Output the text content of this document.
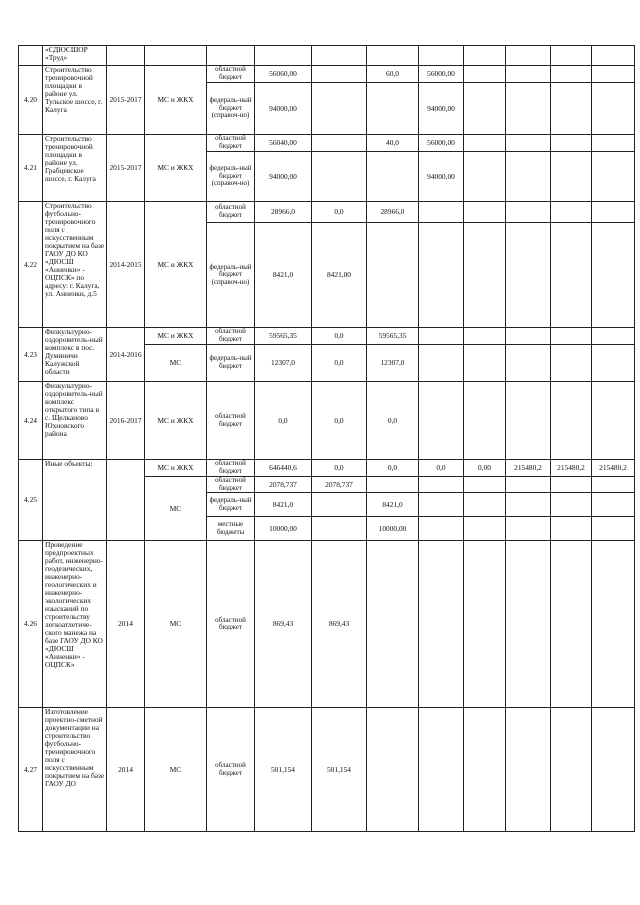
	«СДЮСШОР «Труд»											
4.20	Строительство тренировочной площадки в районе ул. Тульское шоссе, г. Калуга	2015-2017	МС и ЖКХ	областной бюджет	56060,00		60,0	56000,00				
				федераль-ный бюджет (справоч-но)	94000,00			94000,00				
4.21	Строительство тренировочной площадки в районе ул. Грабцевское шоссе, г. Калуга	2015-2017	МС и ЖКХ	областной бюджет	56040,00		40,0	56000,00				
				федераль-ный бюджет (справоч-но)	94000,00			94000,00				
4.22	Строительство футбольно-тренировочного поля с искусственным покрытием на базе ГАОУ ДО КО «ДЮСШ «Анненки» - ОЦПСК» по адресу: г. Калуга, ул. Анненки, д.5	2014-2015	МС и ЖКХ	областной бюджет	28966,0	0,0	28966,0					
				федераль-ный бюджет (справоч-но)	8421,0	8421,00						
4.23	Физкультурно-оздоровитель-ный комплекс в пос. Думиничи Калужской области	2014-2016	МС и ЖКХ	областной бюджет	59565,35	0,0	59565,35					
			МС	федераль-ный бюджет	12307,0	0,0	12307,0					
4.24	Физкультурно-оздоровитель-ный комплекс открытого типа в с. Щелканово Юхновского района	2016-2017	МС и ЖКХ	областной бюджет	0,0	0,0	0,0					
4.25	Иные объекты:		МС и ЖКХ	областной бюджет	646440,6	0,0	0,0	0,0	0,00	215480,2	215480,2	215480,2
			МС	областной бюджет	2078,737	2078,737						
				федераль-ный бюджет	8421,0		8421,0					
				местные бюджеты	10000,00		10000,00					
4.26	Проведение предпроектных работ, инженерно-геодезических, инженерно-геологических и инженерно-экологических изысканий по строительству легкоатлетиче-ского манежа на базе ГАОУ ДО КО «ДЮСШ «Анненки» - ОЦПСК»	2014	МС	областной бюджет	869,43	869,43						
4.27	Изготовление проектно-сметной документации на строительство футбольно-тренировочного поля с искусственным покрытием на базе ГАОУ ДО	2014	МС	областной бюджет	501,154	501,154						
